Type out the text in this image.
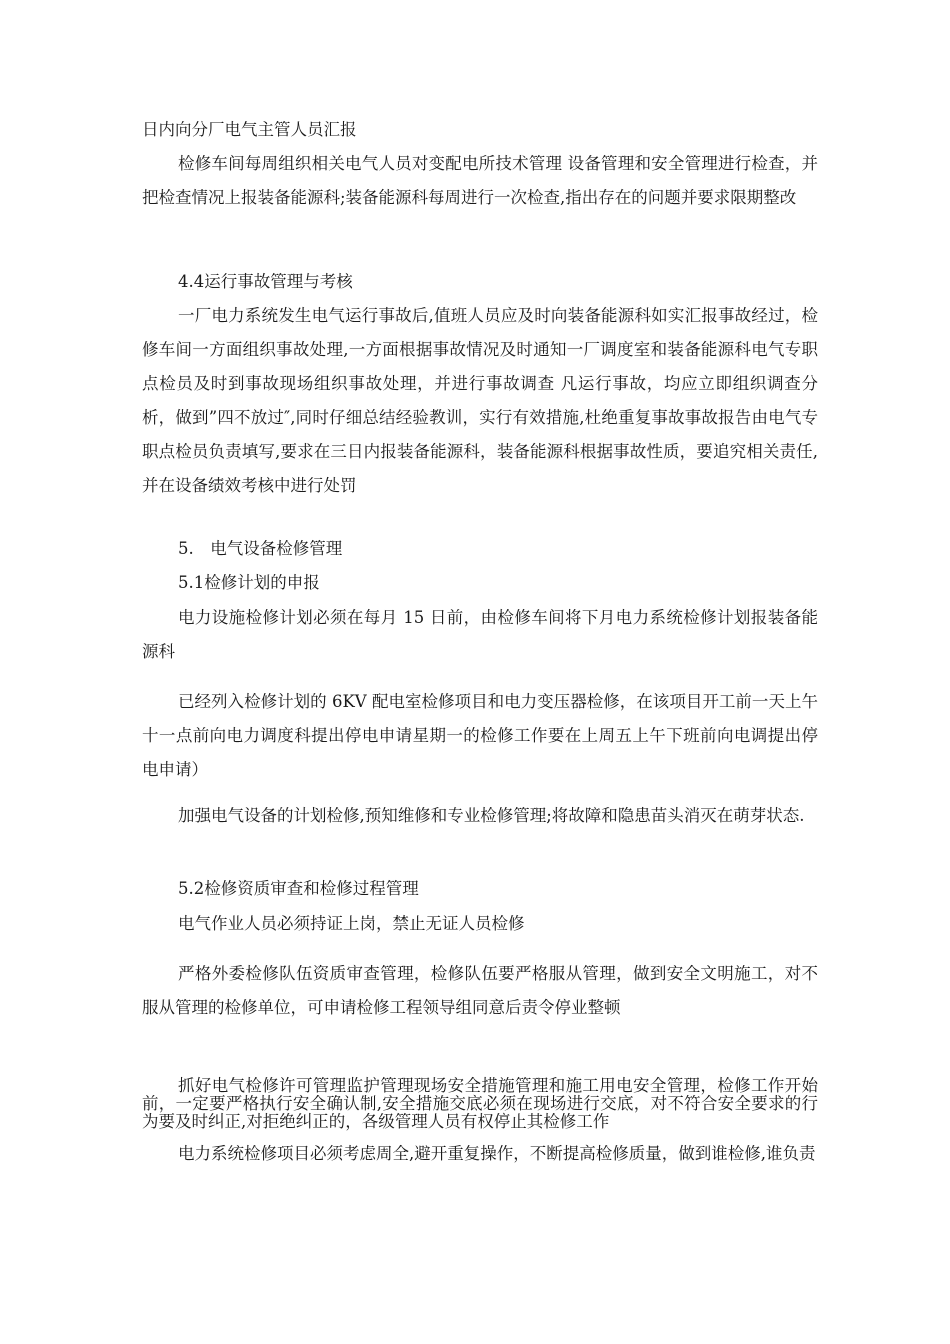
日内向分厂电气主管人员汇报

检修车间每周组织相关电气人员对变配电所技术管理 设备管理和安全管理进行检查，并把检查情况上报装备能源科;装备能源科每周进行一次检查,指出存在的问题并要求限期整改

4.4运行事故管理与考核

一厂电力系统发生电气运行事故后,值班人员应及时向装备能源科如实汇报事故经过，检修车间一方面组织事故处理,一方面根据事故情况及时通知一厂调度室和装备能源科电气专职点检员及时到事故现场组织事故处理，并进行事故调查 凡运行事故，均应立即组织调查分析，做到”四不放过″,同时仔细总结经验教训，实行有效措施,杜绝重复事故事故报告由电气专职点检员负责填写,要求在三日内报装备能源科，装备能源科根据事故性质，要追究相关责任,并在设备绩效考核中进行处罚

5.　电气设备检修管理

5.1检修计划的申报

电力设施检修计划必须在每月 15 日前，由检修车间将下月电力系统检修计划报装备能源科

已经列入检修计划的 6KV 配电室检修项目和电力变压器检修，在该项目开工前一天上午十一点前向电力调度科提出停电申请星期一的检修工作要在上周五上午下班前向电调提出停电申请）

加强电气设备的计划检修,预知维修和专业检修管理;将故障和隐患苗头消灭在萌芽状态.

5.2检修资质审查和检修过程管理

电气作业人员必须持证上岗，禁止无证人员检修

严格外委检修队伍资质审查管理，检修队伍要严格服从管理，做到安全文明施工，对不服从管理的检修单位，可申请检修工程领导组同意后责令停业整顿

抓好电气检修许可管理监护管理现场安全措施管理和施工用电安全管理，检修工作开始前，一定要严格执行安全确认制,安全措施交底必须在现场进行交底，对不符合安全要求的行为要及时纠正,对拒绝纠正的，各级管理人员有权停止其检修工作

电力系统检修项目必须考虑周全,避开重复操作，不断提高检修质量，做到谁检修,谁负责
